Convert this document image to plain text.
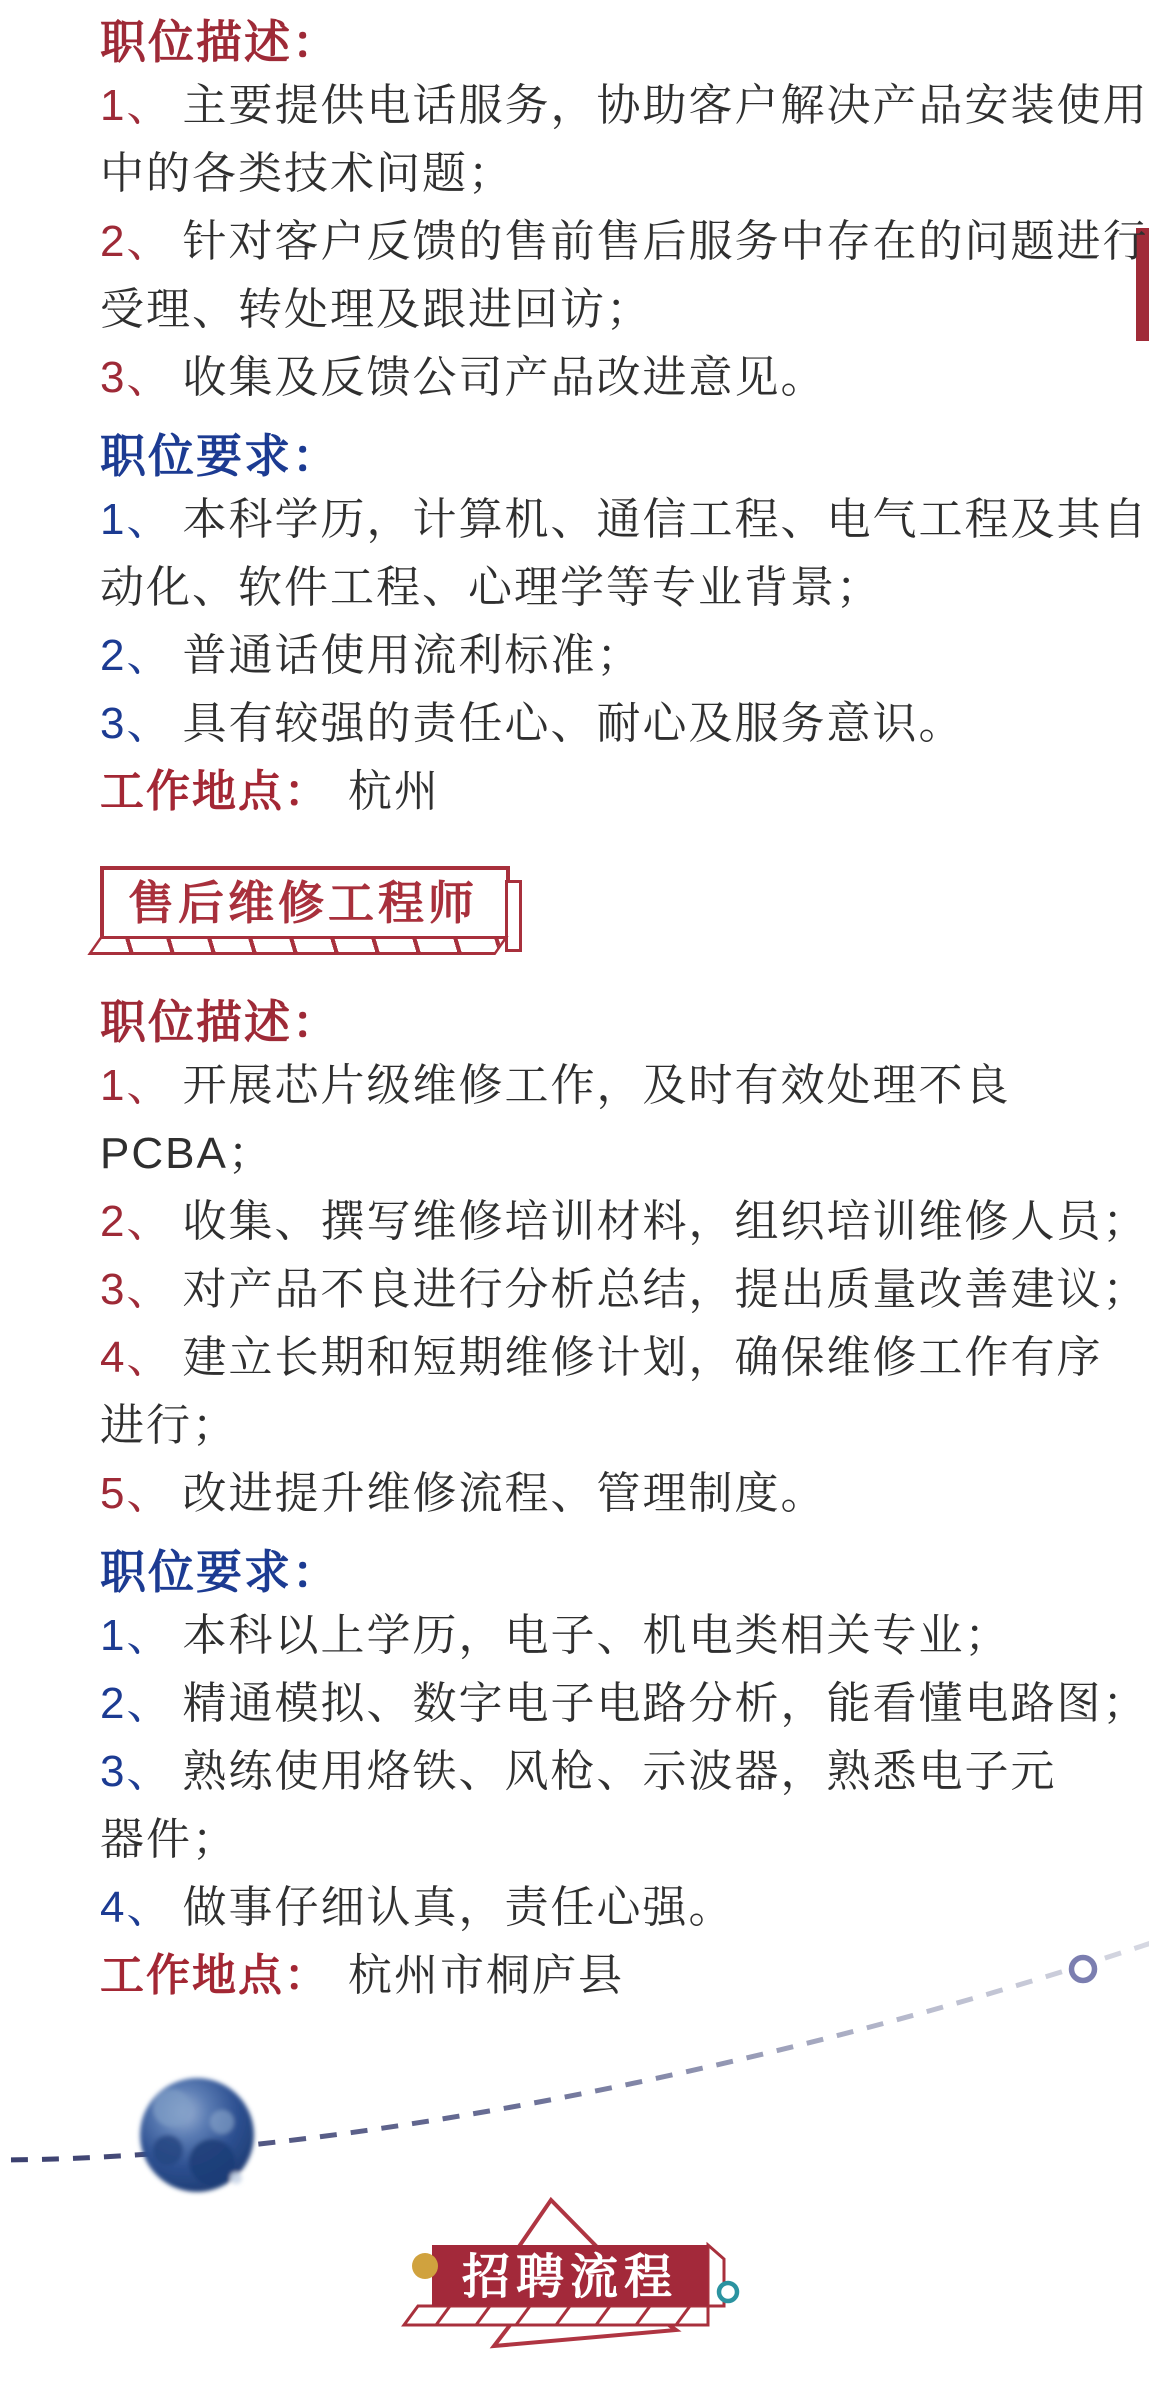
招聘流程
职位描述：
1、 主要提供电话服务，协助客户解决产品安装使用
中的各类技术问题；
2、 针对客户反馈的售前售后服务中存在的问题进行
受理、转处理及跟进回访；
3、 收集及反馈公司产品改进意见。
职位要求：
1、 本科学历，计算机、通信工程、电气工程及其自
动化、软件工程、心理学等专业背景；
2、 普通话使用流利标准；
3、 具有较强的责任心、耐心及服务意识。
工作地点： 杭州
售后维修工程师
职位描述：
1、 开展芯片级维修工作，及时有效处理不良
PCBA；
2、 收集、撰写维修培训材料，组织培训维修人员；
3、 对产品不良进行分析总结，提出质量改善建议；
4、 建立长期和短期维修计划，确保维修工作有序
进行；
5、 改进提升维修流程、管理制度。
职位要求：
1、 本科以上学历，电子、机电类相关专业；
2、 精通模拟、数字电子电路分析，能看懂电路图；
3、 熟练使用烙铁、风枪、示波器，熟悉电子元
器件；
4、 做事仔细认真，责任心强。
工作地点： 杭州市桐庐县
